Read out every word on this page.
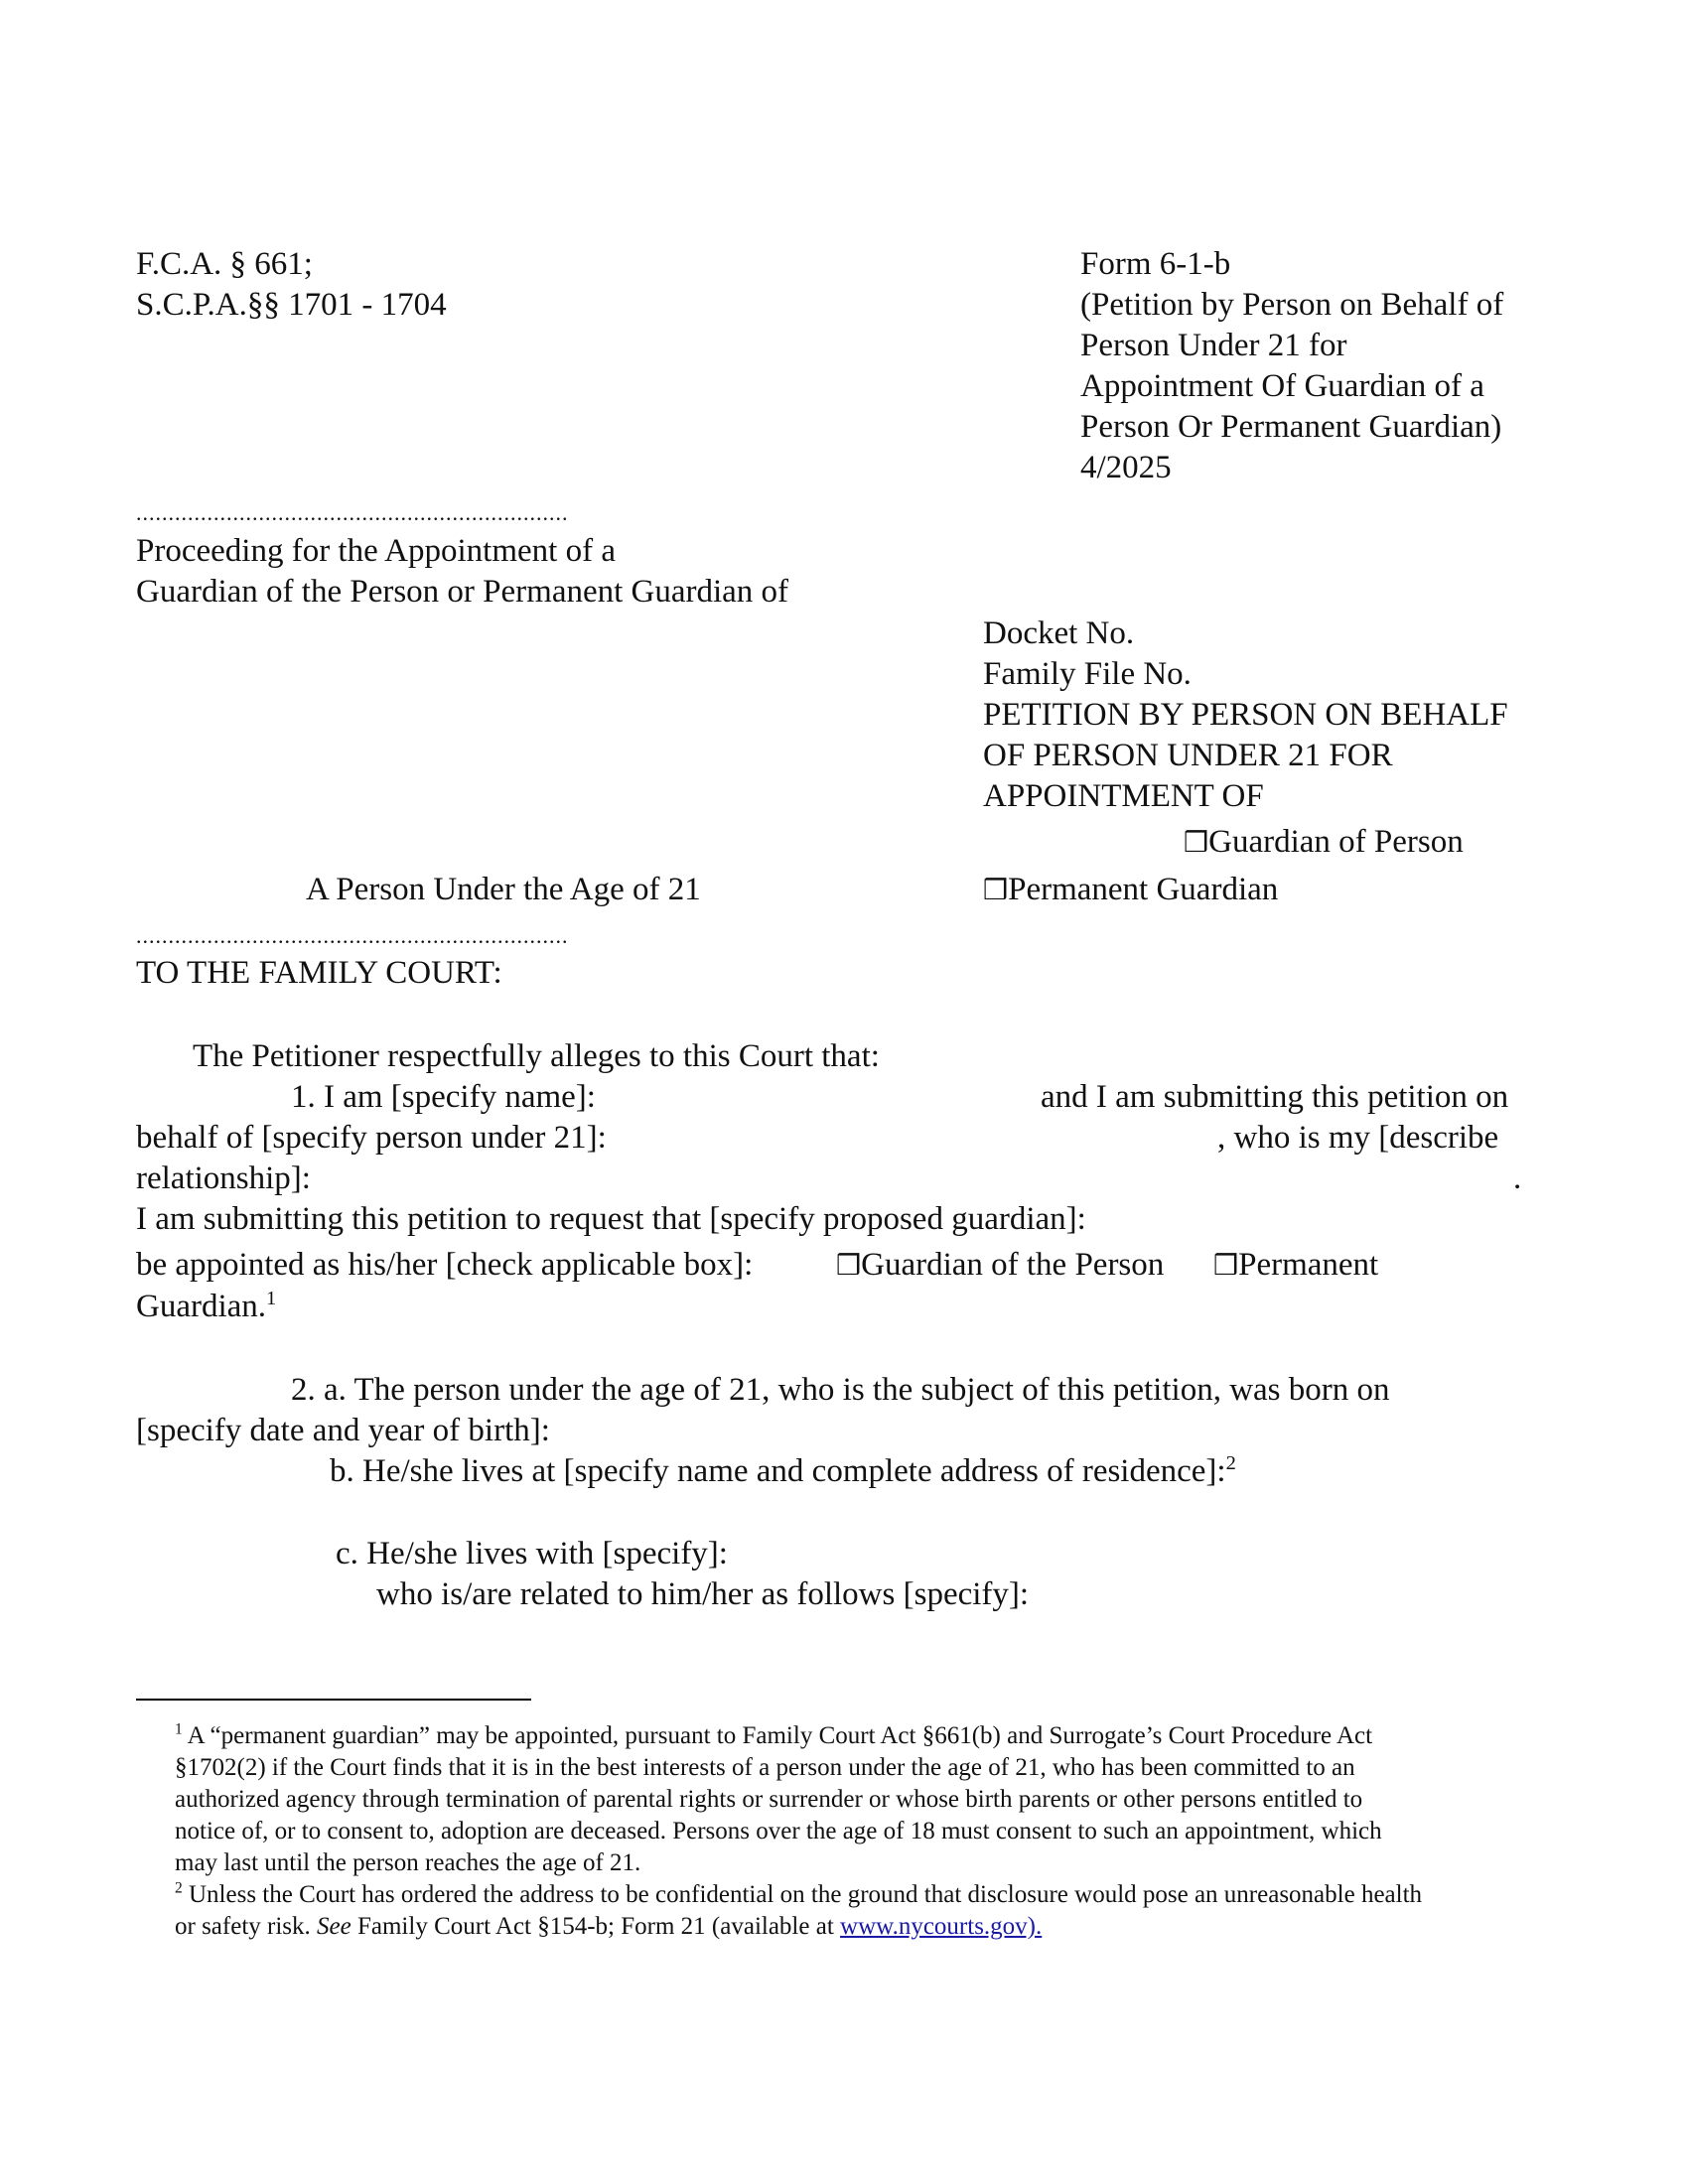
F.C.A. § 661;
S.C.P.A.§§ 1701 - 1704
Form 6-1-b
(Petition by Person on Behalf of
Person Under 21 for
Appointment Of Guardian of a
Person Or Permanent Guardian)
4/2025
...................................................................
Proceeding for the Appointment of a
Guardian of the Person or Permanent Guardian of
Docket No.
Family File No.
PETITION BY PERSON ON BEHALF
OF PERSON UNDER 21 FOR
APPOINTMENT OF
❒Guardian of Person
A Person Under the Age of 21	❒Permanent Guardian
...................................................................
TO THE FAMILY COURT:
The Petitioner respectfully alleges to this Court that:
1. I am [specify name]:	and I am submitting this petition on
behalf of [specify person under 21]:	, who is my [describe
relationship]:	.
I am submitting this petition to request that [specify proposed guardian]:
be appointed as his/her [check applicable box]:	❒Guardian of the Person ❒Permanent
Guardian.$^1$
2. a. The person under the age of 21, who is the subject of this petition, was born on
[specify date and year of birth]:
b. He/she lives at [specify name and complete address of residence]:$^2$
c. He/she lives with [specify]:
who is/are related to him/her as follows [specify]:
$^1$ A “permanent guardian” may be appointed, pursuant to Family Court Act §661(b) and Surrogate’s Court Procedure Act
§1702(2) if the Court finds that it is in the best interests of a person under the age of 21, who has been committed to an
authorized agency through termination of parental rights or surrender or whose birth parents or other persons entitled to
notice of, or to consent to, adoption are deceased. Persons over the age of 18 must consent to such an appointment, which
may last until the person reaches the age of 21.
$^2$ Unless the Court has ordered the address to be confidential on the ground that disclosure would pose an unreasonable health
or safety risk. See Family Court Act §154-b; Form 21 (available at www.nycourts.gov).
